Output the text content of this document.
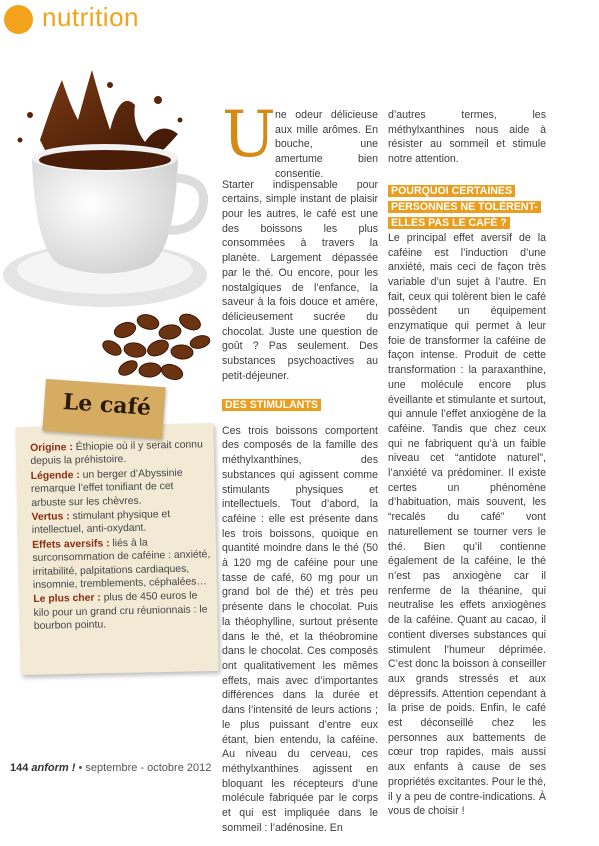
nutrition
Le café

Origine : Éthiopie où il y serait connu depuis la préhistoire.

Légende : un berger d’Abyssinie remarque l’effet tonifiant de cet arbuste sur les chèvres.

Vertus : stimulant physique et intellectuel, anti-oxydant.

Effets aversifs : liés à la surconsommation de caféine : anxiété, irritabilité, palpitations cardiaques, insomnie, tremblements, céphalées…

Le plus cher : plus de 450 euros le kilo pour un grand cru réunionnais : le bourbon pointu.

U ne odeur délicieuse aux mille arômes. En bouche, une amertume bien consentie.

Starter indispensable pour certains, simple instant de plaisir pour les autres, le café est une des boissons les plus consommées à travers la planète. Largement dépassée par le thé. Ou encore, pour les nostalgiques de l’enfance, la saveur à la fois douce et amère, délicieusement sucrée du chocolat. Juste une question de goût ? Pas seulement. Des substances psychoactives au petit-déjeuner.

DES STIMULANTS

Ces trois boissons comportent des composés de la famille des méthylxanthines, des substances qui agissent comme stimulants physiques et intellectuels. Tout d’abord, la caféine : elle est présente dans les trois boissons, quoique en quantité moindre dans le thé (50 à 120 mg de caféine pour une tasse de café, 60 mg pour un grand bol de thé) et très peu présente dans le chocolat. Puis la théophylline, surtout présente dans le thé, et la théobromine dans le chocolat. Ces composés ont qualitativement les mêmes effets, mais avec d’importantes différences dans la durée et dans l’intensité de leurs actions ; le plus puissant d’entre eux étant, bien entendu, la caféine. Au niveau du cerveau, ces méthylxanthines agissent en bloquant les récepteurs d’une molécule fabriquée par le corps et qui est impliquée dans le sommeil : l’adénosine. En

d’autres termes, les méthylxanthines nous aide à résister au sommeil et stimule notre attention.

POURQUOI CERTAINES
PERSONNES NE TOLÈRENT-
ELLES PAS LE CAFÉ ?

Le principal effet aversif de la caféine est l’induction d’une anxiété, mais ceci de façon très variable d’un sujet à l’autre. En fait, ceux qui tolèrent bien le café possèdent un équipement enzymatique qui permet à leur foie de transformer la caféine de façon intense. Produit de cette transformation : la paraxanthine, une molécule encore plus éveillante et stimulante et surtout, qui annule l’effet anxiogène de la caféine. Tandis que chez ceux qui ne fabriquent qu’à un faible niveau cet “antidote naturel”, l’anxiété va prédominer. Il existe certes un phénomène d’habituation, mais souvent, les “recalés du café” vont naturellement se tourner vers le thé. Bien qu’il contienne également de la caféine, le thé n’est pas anxiogène car il renferme de la théanine, qui neutralise les effets anxiogènes de la caféine. Quant au cacao, il contient diverses substances qui stimulent l’humeur déprimée. C’est donc la boisson à conseiller aux grands stressés et aux dépressifs. Attention cependant à la prise de poids. Enfin, le café est déconseillé chez les personnes aux battements de cœur trop rapides, mais aussi aux enfants à cause de ses propriétés excitantes. Pour le thé, il y a peu de contre-indications. À vous de choisir !

144 anform ! • septembre - octobre 2012
